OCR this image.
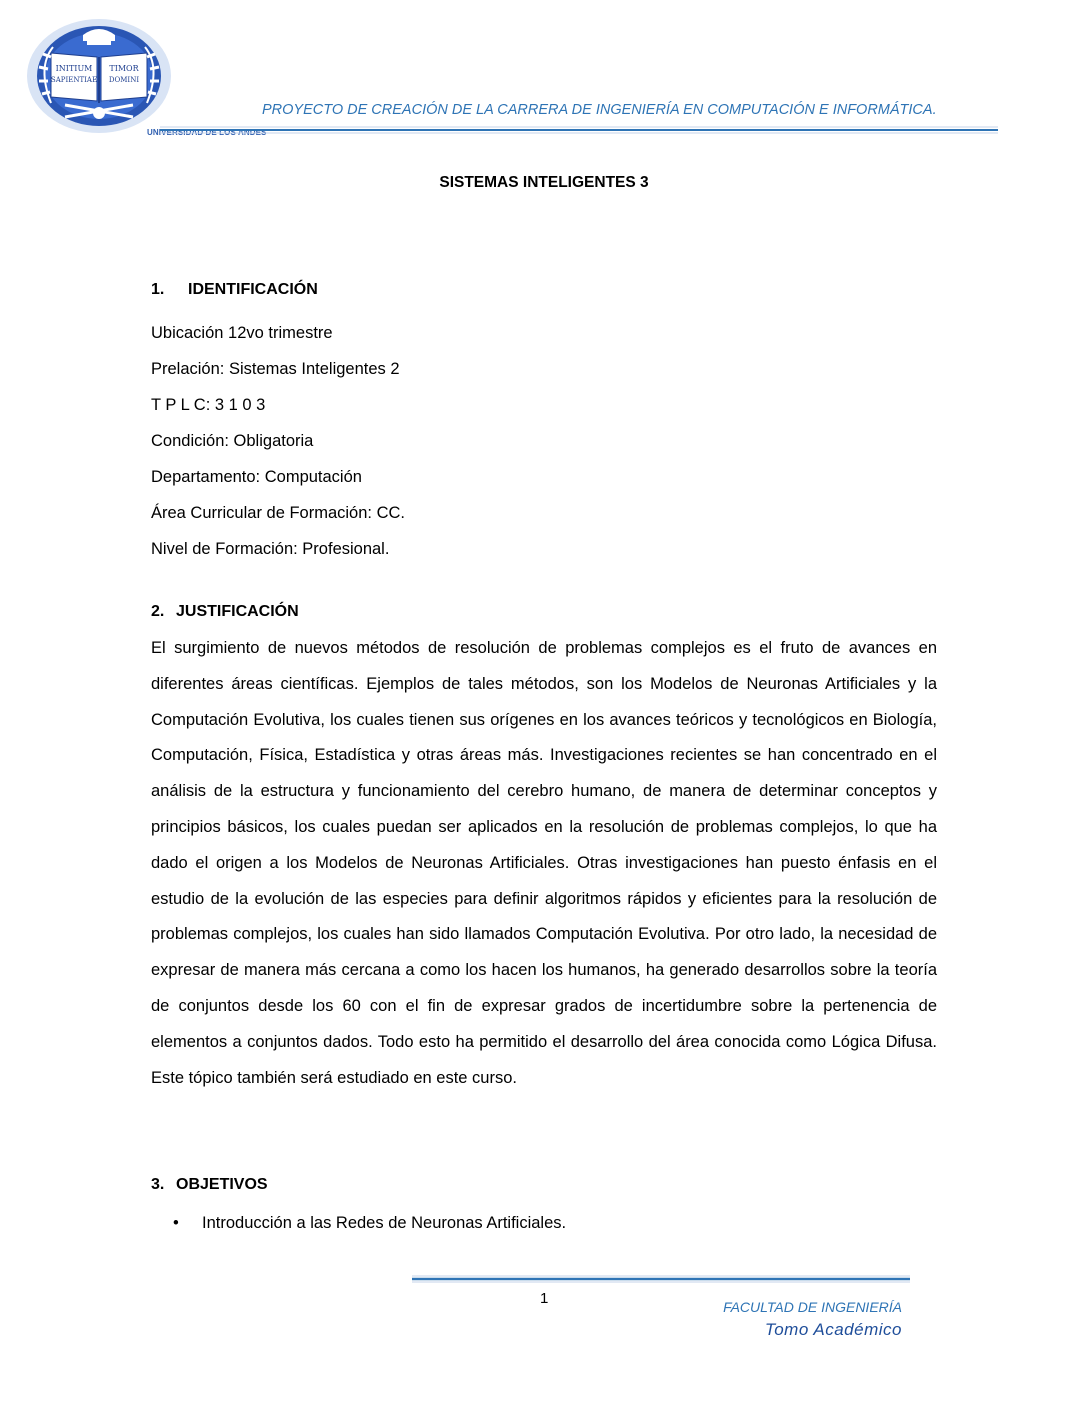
INITIUM
SAPIENTIAE
TIMOR
DOMINI
UNIVERSIDAD DE LOS ANDES
PROYECTO DE CREACIÓN DE LA CARRERA DE INGENIERÍA EN COMPUTACIÓN E INFORMÁTICA.
SISTEMAS INTELIGENTES 3
1. IDENTIFICACIÓN
Ubicación 12vo trimestre
Prelación: Sistemas Inteligentes 2
T P L C: 3 1 0 3
Condición: Obligatoria
Departamento: Computación
Área Curricular de Formación: CC.
Nivel de Formación: Profesional.
2. JUSTIFICACIÓN

El surgimiento de nuevos métodos de resolución de problemas complejos es el fruto de avances en diferentes áreas científicas. Ejemplos de tales métodos, son los Modelos de Neuronas Artificiales y la Computación Evolutiva, los cuales tienen sus orígenes en los avances teóricos y tecnológicos en Biología, Computación, Física, Estadística y otras áreas más. Investigaciones recientes se han concentrado en el análisis de la estructura y funcionamiento del cerebro humano, de manera de determinar conceptos y principios básicos, los cuales puedan ser aplicados en la resolución de problemas complejos, lo que ha dado el origen a los Modelos de Neuronas Artificiales. Otras investigaciones han puesto énfasis en el estudio de la evolución de las especies para definir algoritmos rápidos y eficientes para la resolución de problemas complejos, los cuales han sido llamados Computación Evolutiva. Por otro lado, la necesidad de expresar de manera más cercana a como los hacen los humanos, ha generado desarrollos sobre la teoría de conjuntos desde los 60 con el fin de expresar grados de incertidumbre sobre la pertenencia de elementos a conjuntos dados. Todo esto ha permitido el desarrollo del área conocida como Lógica Difusa. Este tópico también será estudiado en este curso.

3. OBJETIVOS
• Introducción a las Redes de Neuronas Artificiales.
1	FACULTAD DE INGENIERÍA
Tomo Académico
